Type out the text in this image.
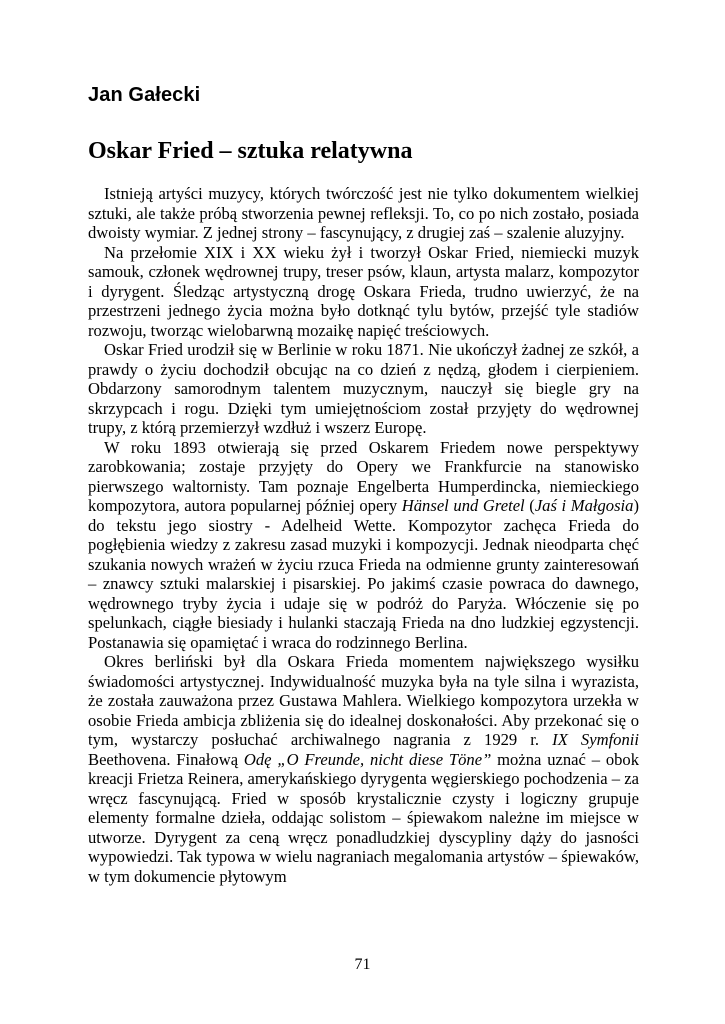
Jan Gałecki
Oskar Fried – sztuka relatywna

Istnieją artyści muzycy, których twórczość jest nie tylko dokumentem wielkiej sztuki, ale także próbą stworzenia pewnej refleksji. To, co po nich zostało, posiada dwoisty wymiar. Z jednej strony – fascynujący, z drugiej zaś – szalenie aluzyjny.

Na przełomie XIX i XX wieku żył i tworzył Oskar Fried, niemiecki muzyk samouk, członek wędrownej trupy, treser psów, klaun, artysta malarz, kompozytor i dyrygent. Śledząc artystyczną drogę Oskara Frieda, trudno uwierzyć, że na przestrzeni jednego życia można było dotknąć tylu bytów, przejść tyle stadiów rozwoju, tworząc wielobarwną mozaikę napięć treściowych.

Oskar Fried urodził się w Berlinie w roku 1871. Nie ukończył żadnej ze szkół, a prawdy o życiu dochodził obcując na co dzień z nędzą, głodem i cierpieniem. Obdarzony samorodnym talentem muzycznym, nauczył się biegle gry na skrzypcach i rogu. Dzięki tym umiejętnościom został przyjęty do wędrownej trupy, z którą przemierzył wzdłuż i wszerz Europę.

W roku 1893 otwierają się przed Oskarem Friedem nowe perspektywy zarobkowania; zostaje przyjęty do Opery we Frankfurcie na stanowisko pierwszego waltornisty. Tam poznaje Engelberta Humperdincka, niemieckiego kompozytora, autora popularnej później opery Hänsel und Gretel (Jaś i Małgosia) do tekstu jego siostry - Adelheid Wette. Kompozytor zachęca Frieda do pogłębienia wiedzy z zakresu zasad muzyki i kompozycji. Jednak nieodparta chęć szukania nowych wrażeń w życiu rzuca Frieda na odmienne grunty zainteresowań – znawcy sztuki malarskiej i pisarskiej. Po jakimś czasie powraca do dawnego, wędrownego tryby życia i udaje się w podróż do Paryża. Włóczenie się po spelunkach, ciągłe biesiady i hulanki staczają Frieda na dno ludzkiej egzystencji. Postanawia się opamiętać i wraca do rodzinnego Berlina.

Okres berliński był dla Oskara Frieda momentem największego wysiłku świadomości artystycznej. Indywidualność muzyka była na tyle silna i wyrazista, że została zauważona przez Gustawa Mahlera. Wielkiego kompozytora urzekła w osobie Frieda ambicja zbliżenia się do idealnej doskonałości. Aby przekonać się o tym, wystarczy posłuchać archiwalnego nagrania z 1929 r. IX Symfonii Beethovena. Finałową Odę „O Freunde, nicht diese Töne” można uznać – obok kreacji Frietza Reinera, amerykańskiego dyrygenta węgierskiego pochodzenia – za wręcz fascynującą. Fried w sposób krystalicznie czysty i logiczny grupuje elementy formalne dzieła, oddając solistom – śpiewakom należne im miejsce w utworze. Dyrygent za ceną wręcz ponadludzkiej dyscypliny dąży do jasności wypowiedzi. Tak typowa w wielu nagraniach megalomania artystów – śpiewaków, w tym dokumencie płytowym

71
